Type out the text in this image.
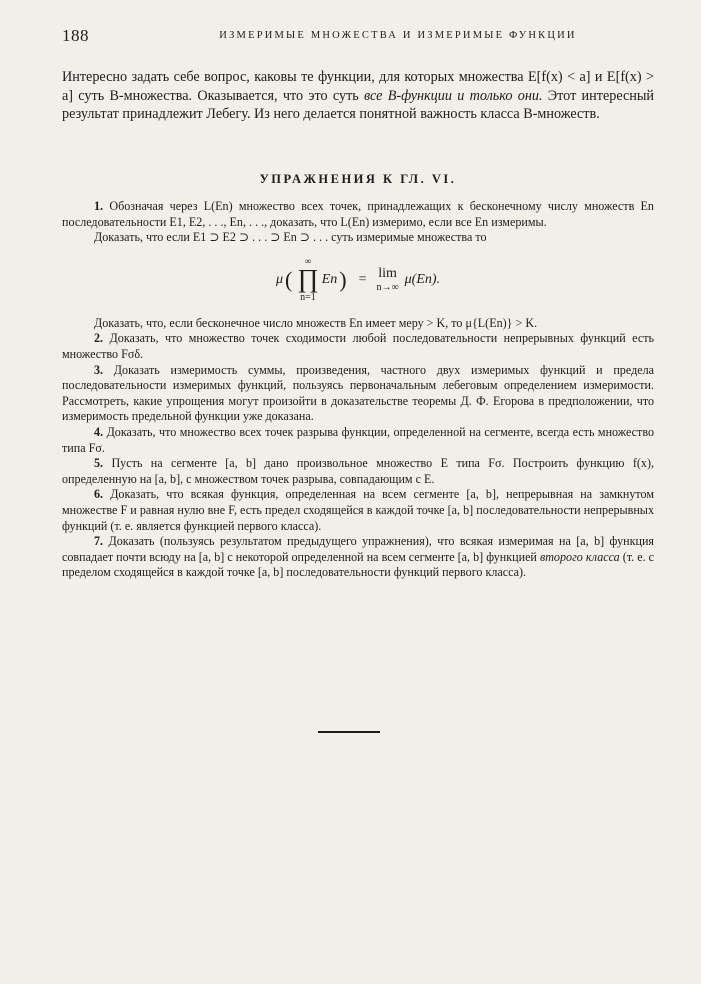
188	ИЗМЕРИМЫЕ МНОЖЕСТВА И ИЗМЕРИМЫЕ ФУНКЦИИ

Интересно задать себе вопрос, каковы те функции, для которых множества E[f(x) < a] и E[f(x) > a] суть B-множества. Оказывается, что это суть все B-функции и только они. Этот интересный результат принадлежит Лебегу. Из него делается понятной важность класса B-множеств.

УПРАЖНЕНИЯ К ГЛ. VI.

1. Обозначая через L(En) множество всех точек, принадлежащих к бесконечному числу множеств En последовательности E1, E2, . . ., En, . . ., доказать, что L(En) измеримо, если все En измеримы.

Доказать, что если E1 ⊃ E2 ⊃ . . . ⊃ En ⊃ . . . суть измеримые множества то

μ (
∞
∏
n=1
En ) = lim
n→∞
μ(En).

Доказать, что, если бесконечное число множеств En имеет меру > K, то μ{L(En)} > K.

2. Доказать, что множество точек сходимости любой последовательности непрерывных функций есть множество Fσδ.

3. Доказать измеримость суммы, произведения, частного двух измеримых функций и предела последовательности измеримых функций, пользуясь первоначальным лебеговым определением измеримости. Рассмотреть, какие упрощения могут произойти в доказательстве теоремы Д. Ф. Егорова в предположении, что измеримость предельной функции уже доказана.

4. Доказать, что множество всех точек разрыва функции, определенной на сегменте, всегда есть множество типа Fσ.

5. Пусть на сегменте [a, b] дано произвольное множество E типа Fσ. Построить функцию f(x), определенную на [a, b], с множеством точек разрыва, совпадающим с E.

6. Доказать, что всякая функция, определенная на всем сегменте [a, b], непрерывная на замкнутом множестве F и равная нулю вне F, есть предел сходящейся в каждой точке [a, b] последовательности непрерывных функций (т. е. является функцией первого класса).

7. Доказать (пользуясь результатом предыдущего упражнения), что всякая измеримая на [a, b] функция совпадает почти всюду на [a, b] с некоторой определенной на всем сегменте [a, b] функцией второго класса (т. е. с пределом сходящейся в каждой точке [a, b] последовательности функций первого класса).
